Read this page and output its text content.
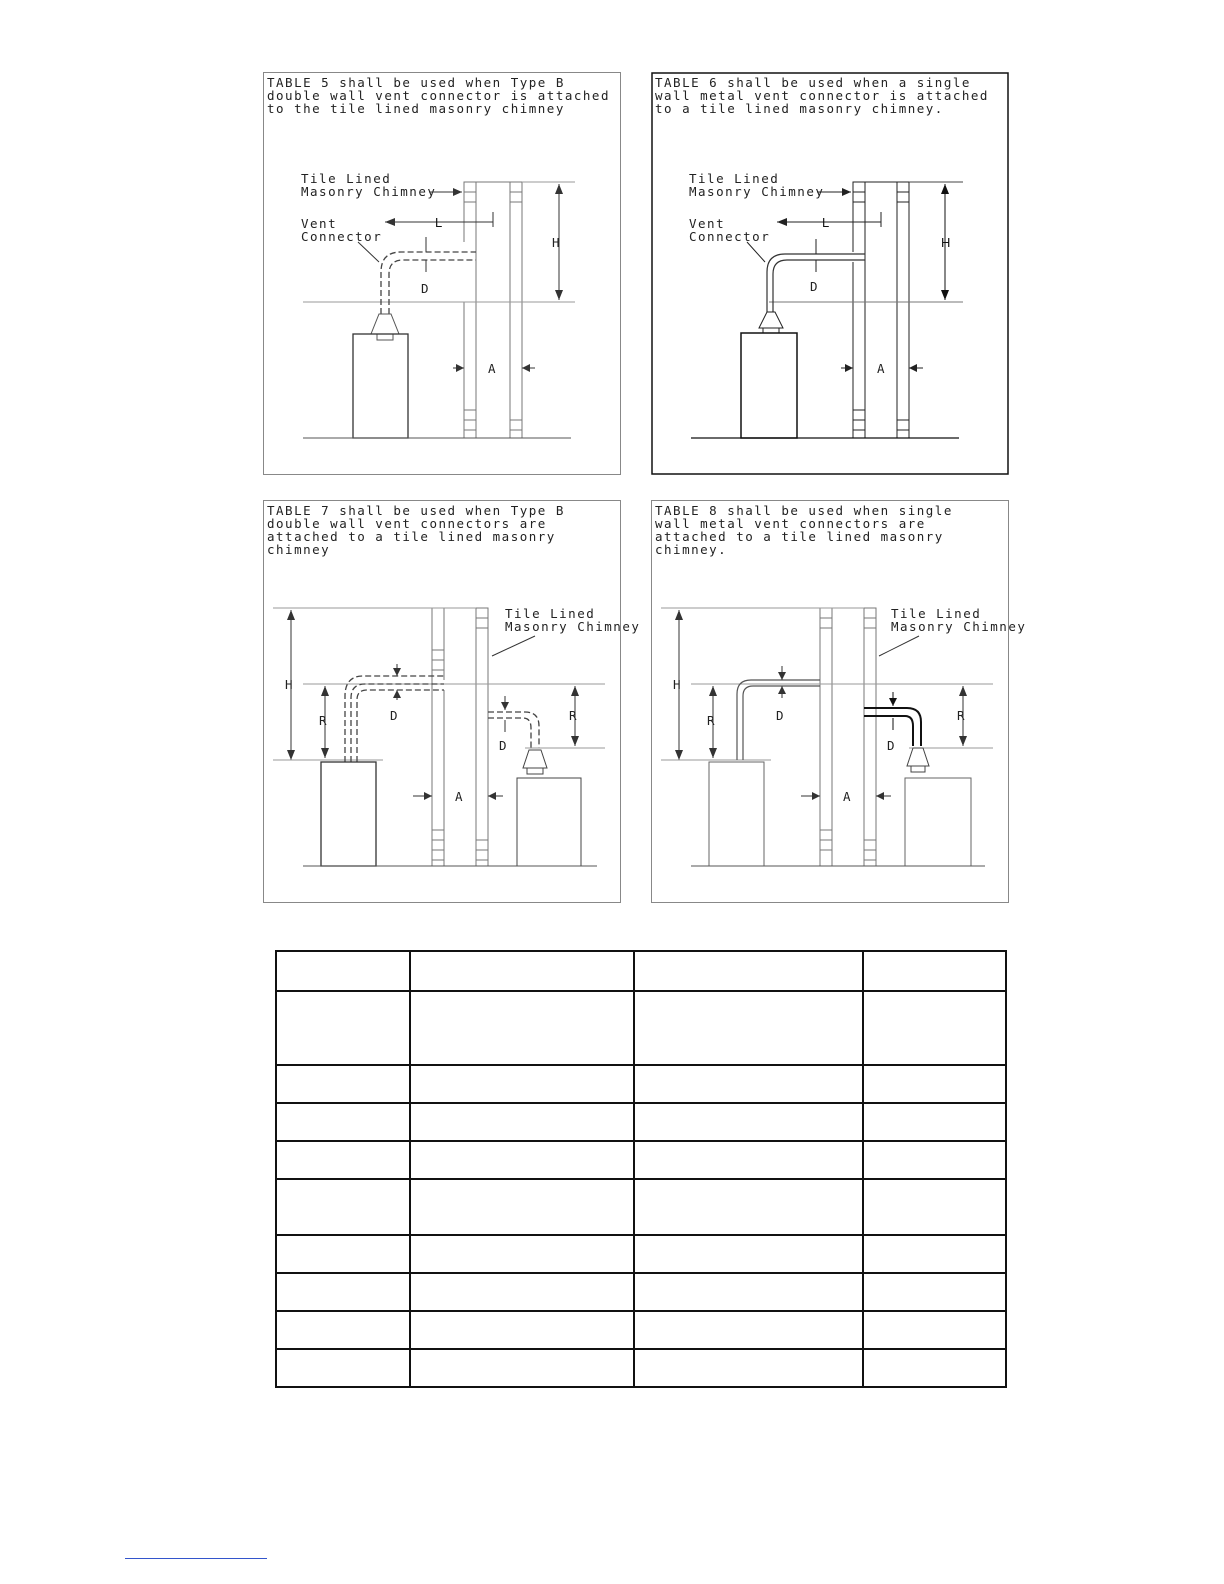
TABLE 5 shall be used when Type B
double wall vent connector is attached
to the tile lined masonry chimney
H
D
L
Tile Lined
Masonry Chimney
Vent
Connector
A
TABLE 6 shall be used when a single
wall metal vent connector is attached
to a tile lined masonry chimney.
H
D
L
Tile Lined
Masonry Chimney
Vent
Connector
A
TABLE 7 shall be used when Type B
double wall vent connectors are
attached to a tile lined masonry
chimney
H
R	D
D
R
A
Tile Lined
Masonry Chimney
TABLE 8 shall be used when single
wall metal vent connectors are
attached to a tile lined masonry
chimney.
H
R	D
D
R
A
Tile Lined
Masonry Chimney
